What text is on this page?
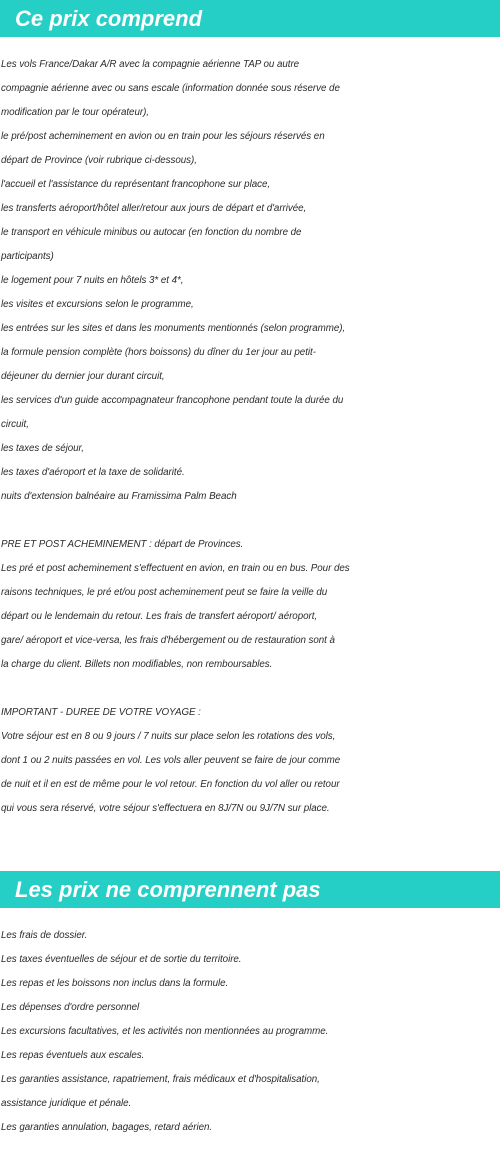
Ce prix comprend
Les vols France/Dakar A/R avec la compagnie aérienne TAP ou autre
compagnie aérienne avec ou sans escale (information donnée sous réserve de
modification par le tour opérateur),
le pré/post acheminement en avion ou en train pour les séjours réservés en
départ de Province (voir rubrique ci-dessous),
l'accueil et l'assistance du représentant francophone sur place,
les transferts aéroport/hôtel aller/retour aux jours de départ et d'arrivée,
le transport en véhicule minibus ou autocar (en fonction du nombre de
participants)
le logement pour 7 nuits en hôtels 3* et 4*,
les visites et excursions selon le programme,
les entrées sur les sites et dans les monuments mentionnés (selon programme),
la formule pension complète (hors boissons) du dîner du 1er jour au petit-
déjeuner du dernier jour durant circuit,
les services d'un guide accompagnateur francophone pendant toute la durée du
circuit,
les taxes de séjour,
les taxes d'aéroport et la taxe de solidarité.
nuits d'extension balnéaire au Framissima Palm Beach
PRE ET POST ACHEMINEMENT : départ de Provinces.
Les pré et post acheminement s'effectuent en avion, en train ou en bus. Pour des
raisons techniques, le pré et/ou post acheminement peut se faire la veille du
départ ou le lendemain du retour. Les frais de transfert aéroport/ aéroport,
gare/ aéroport et vice-versa, les frais d'hébergement ou de restauration sont à
la charge du client. Billets non modifiables, non remboursables.
IMPORTANT - DUREE DE VOTRE VOYAGE :
Votre séjour est en 8 ou 9 jours / 7 nuits sur place selon les rotations des vols,
dont 1 ou 2 nuits passées en vol. Les vols aller peuvent se faire de jour comme
de nuit et il en est de même pour le vol retour. En fonction du vol aller ou retour
qui vous sera réservé, votre séjour s'effectuera en 8J/7N ou 9J/7N sur place.
Les prix ne comprennent pas
Les frais de dossier.
Les taxes éventuelles de séjour et de sortie du territoire.
Les repas et les boissons non inclus dans la formule.
Les dépenses d'ordre personnel
Les excursions facultatives, et les activités non mentionnées au programme.
Les repas éventuels aux escales.
Les garanties assistance, rapatriement, frais médicaux et d'hospitalisation,
assistance juridique et pénale.
Les garanties annulation, bagages, retard aérien.
